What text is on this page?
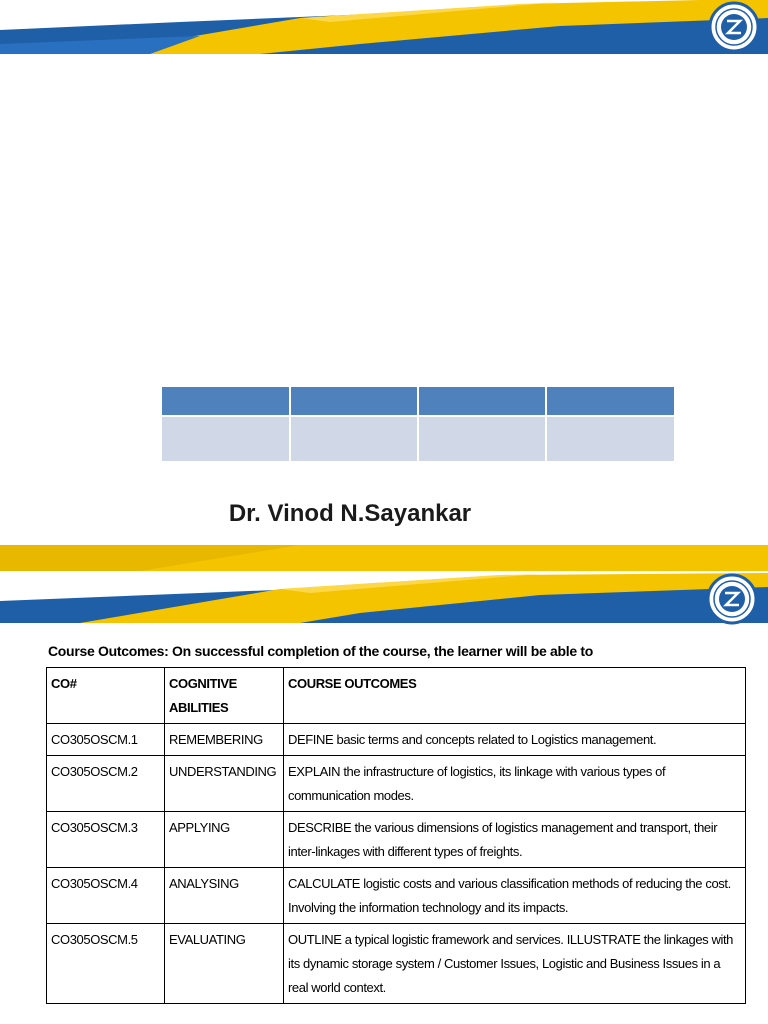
Dr. Vinod N.Sayankar
Course Outcomes: On successful completion of the course, the learner will be able to
CO#	COGNITIVE ABILITIES	COURSE OUTCOMES
CO305OSCM.1	REMEMBERING	DEFINE basic terms and concepts related to Logistics management.
CO305OSCM.2	UNDERSTANDING	EXPLAIN the infrastructure of logistics, its linkage with various types of communication modes.
CO305OSCM.3	APPLYING	DESCRIBE the various dimensions of logistics management and transport, their inter-linkages with different types of freights.
CO305OSCM.4	ANALYSING	CALCULATE logistic costs and various classification methods of reducing the cost. Involving the information technology and its impacts.
CO305OSCM.5	EVALUATING	OUTLINE a typical logistic framework and services. ILLUSTRATE the linkages with its dynamic storage system / Customer Issues, Logistic and Business Issues in a real world context.
